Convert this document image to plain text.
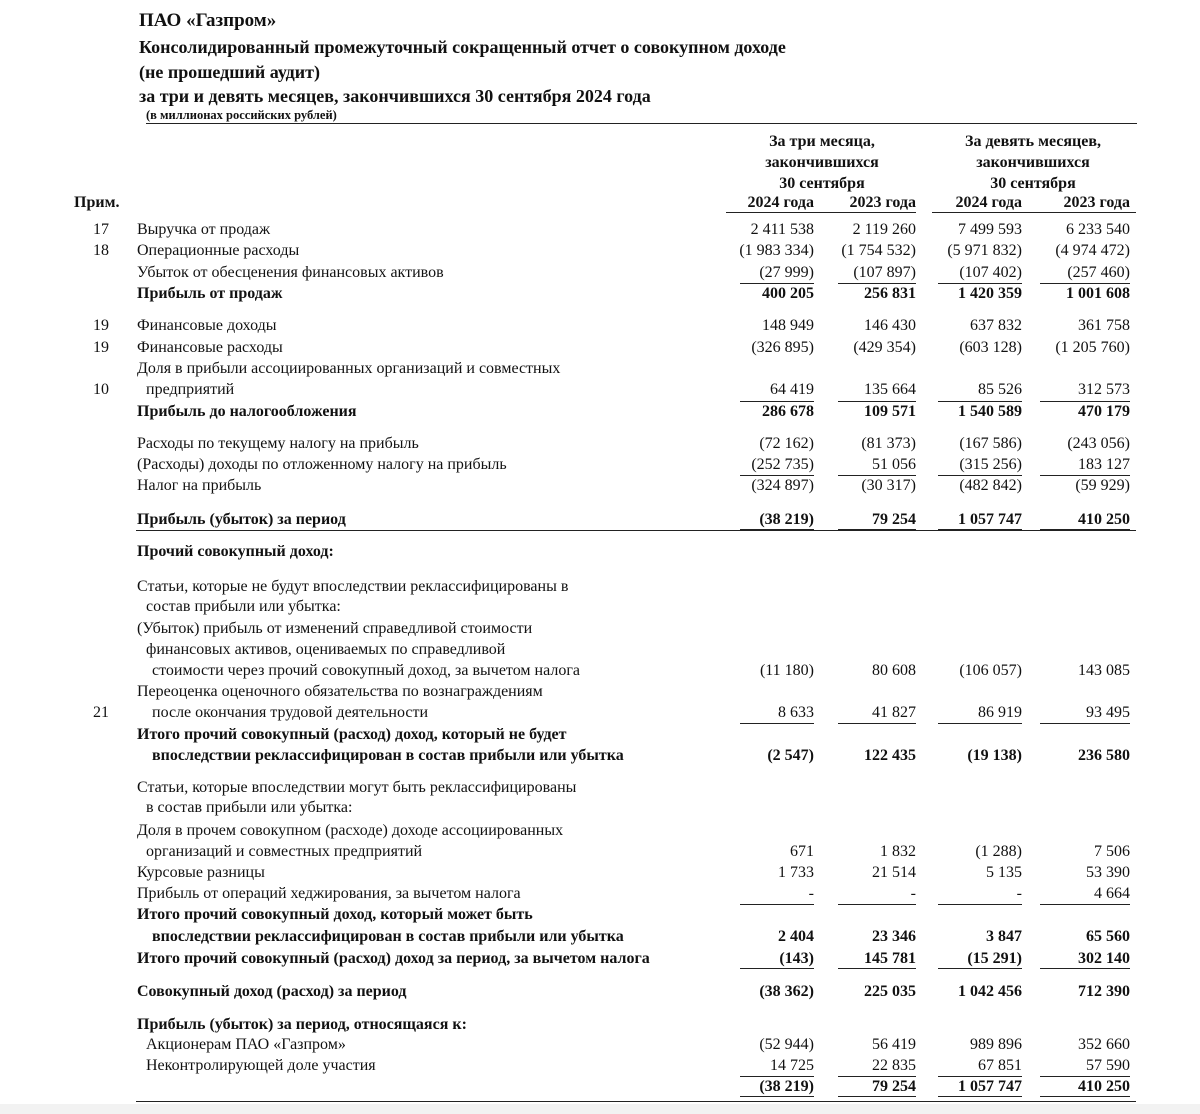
ПАО «Газпром»
Консолидированный промежуточный сокращенный отчет о совокупном доходе
(не прошедший аудит)
за три и девять месяцев, закончившихся 30 сентября 2024 года
(в миллионах российских рублей)
За три месяца,
закончившихся
30 сентября
За девять месяцев,
закончившихся
30 сентября
Прим.	2024 года	2023 года	2024 года	2023 года
17	Выручка от продаж	2 411 538	2 119 260	7 499 593	6 233 540
18	Операционные расходы	(1 983 334)	(1 754 532)	(5 971 832)	(4 974 472)
Убыток от обесценения финансовых активов	(27 999)	(107 897)	(107 402)	(257 460)
Прибыль от продаж	400 205	256 831	1 420 359	1 001 608
19	Финансовые доходы	148 949	146 430	637 832	361 758
19	Финансовые расходы	(326 895)	(429 354)	(603 128)	(1 205 760)
Доля в прибыли ассоциированных организаций и совместных
10	предприятий	64 419	135 664	85 526	312 573
Прибыль до налогообложения	286 678	109 571	1 540 589	470 179
Расходы по текущему налогу на прибыль	(72 162)	(81 373)	(167 586)	(243 056)
(Расходы) доходы по отложенному налогу на прибыль	(252 735)	51 056	(315 256)	183 127
Налог на прибыль	(324 897)	(30 317)	(482 842)	(59 929)
Прибыль (убыток) за период	(38 219)	79 254	1 057 747	410 250
Прочий совокупный доход:
Статьи, которые не будут впоследствии реклассифицированы в
состав прибыли или убытка:
(Убыток) прибыль от изменений справедливой стоимости
финансовых активов, оцениваемых по справедливой
стоимости через прочий совокупный доход, за вычетом налога	(11 180)	80 608	(106 057)	143 085
Переоценка оценочного обязательства по вознаграждениям
21	после окончания трудовой деятельности	8 633	41 827	86 919	93 495
Итого прочий совокупный (расход) доход, который не будет
впоследствии реклассифицирован в состав прибыли или убытка	(2 547)	122 435	(19 138)	236 580
Статьи, которые впоследствии могут быть реклассифицированы
в состав прибыли или убытка:
Доля в прочем совокупном (расходе) доходе ассоциированных
организаций и совместных предприятий	671	1 832	(1 288)	7 506
Курсовые разницы	1 733	21 514	5 135	53 390
Прибыль от операций хеджирования, за вычетом налога	-	-	-	4 664
Итого прочий совокупный доход, который может быть
впоследствии реклассифицирован в состав прибыли или убытка	2 404	23 346	3 847	65 560
Итого прочий совокупный (расход) доход за период, за вычетом налога	(143)	145 781	(15 291)	302 140
Совокупный доход (расход) за период	(38 362)	225 035	1 042 456	712 390
Прибыль (убыток) за период, относящаяся к:
Акционерам ПАО «Газпром»	(52 944)	56 419	989 896	352 660
Неконтролирующей доле участия	14 725	22 835	67 851	57 590
(38 219)	79 254	1 057 747	410 250
